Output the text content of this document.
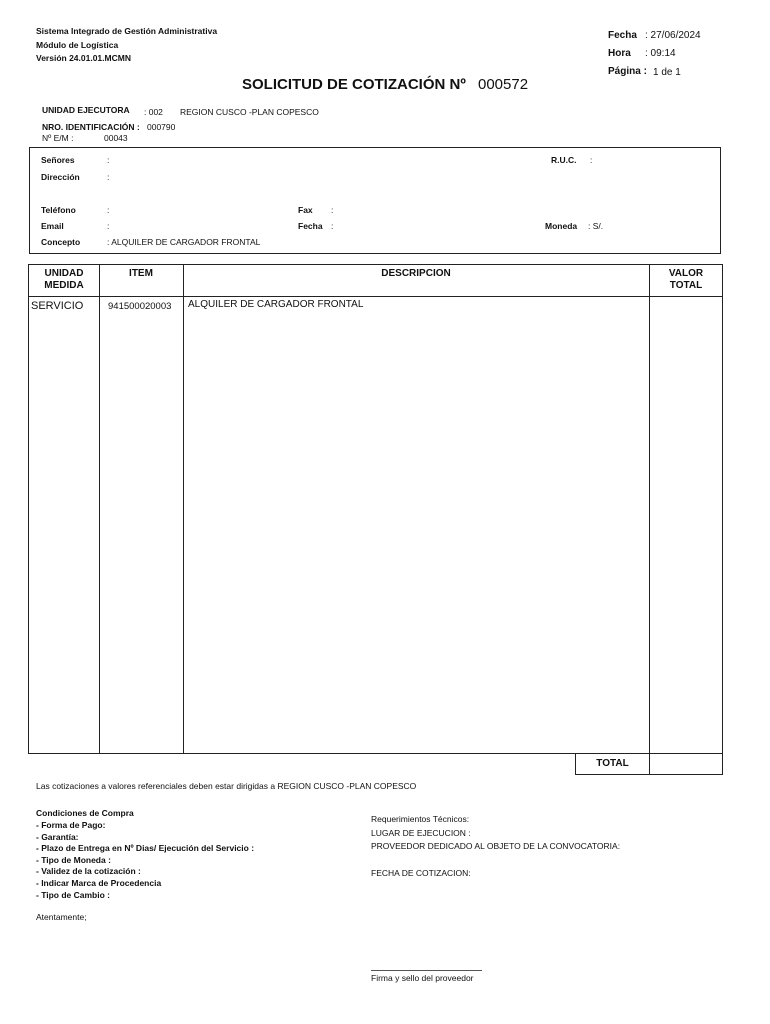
Sistema Integrado de Gestión Administrativa
Módulo de Logística
Versión 24.01.01.MCMN
Fecha : 27/06/2024
Hora : 09:14
Página : 1 de 1
SOLICITUD DE COTIZACIÓN Nº 000572
UNIDAD EJECUTORA : 002 REGION CUSCO -PLAN COPESCO
NRO. IDENTIFICACIÓN : 000790
Nº E/M :	00043
Señores	:
Dirección	:
Teléfono	:
Email	:
Concepto	: ALQUILER DE CARGADOR FRONTAL
Fax :
Fecha :
R.U.C. :
Moneda : S/.
UNIDAD
MEDIDA
ITEM	DESCRIPCION	VALOR
TOTAL
SERVICIO	941500020003 ALQUILER DE CARGADOR FRONTAL
TOTAL
Las cotizaciones a valores referenciales deben estar dirigidas a REGION CUSCO -PLAN COPESCO
Condiciones de Compra
- Forma de Pago:
- Garantía:
- Plazo de Entrega en Nº Dias/ Ejecución del Servicio :
- Tipo de Moneda :
- Validez de la cotización :
- Indicar Marca de Procedencia
- Tipo de Cambio :
Requerimientos Técnicos:
LUGAR DE EJECUCION :
PROVEEDOR DEDICADO AL OBJETO DE LA CONVOCATORIA:
FECHA DE COTIZACION:
Atentamente;
Firma y sello del proveedor
